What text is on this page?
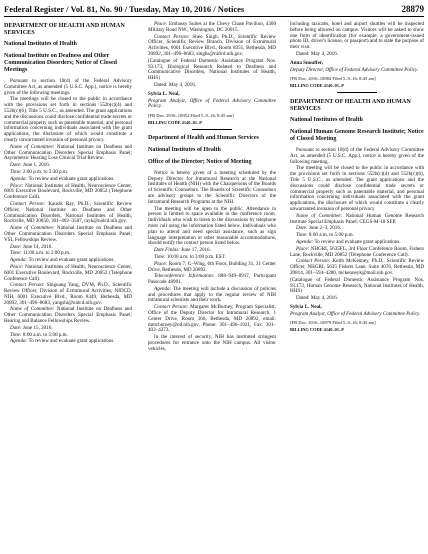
Federal Register / Vol. 81, No. 90 / Tuesday, May 10, 2016 / Notices	28879
DEPARTMENT OF HEALTH AND HUMAN SERVICES
National Institutes of Health
National Institute on Deafness and Other Communication Disorders; Notice of Closed Meetings

Pursuant to section 10(d) of the Federal Advisory Committee Act, as amended (5 U.S.C. App.), notice is hereby given of the following meetings.

The meetings will be closed to the public in accordance with the provisions set forth in sections 552b(c)(4) and 552b(c)(6), Title 5 U.S.C., as amended. The grant applications and the discussions could disclose confidential trade secrets or commercial property such as patentable material, and personal information concerning individuals associated with the grant applications, the disclosure of which would constitute a clearly unwarranted invasion of personal privacy.

Name of Committee: National Institute on Deafness and Other Communication Disorders Special Emphasis Panel; Asymmetric Hearing Loss Clinical Trial Review.

Date: June 1, 2016.

Time: 2:00 p.m. to 3:30 p.m.

Agenda: To review and evaluate grant applications.

Place: National Institutes of Health, Neuroscience Center, 6001 Executive Boulevard, Rockville, MD 20852 (Telephone Conference Call).

Contact Person: Kausik Ray, Ph.D., Scientific Review Officer, National Institute on Deafness and Other Communication Disorders, National Institutes of Health, Rockville, MD 20850, 301–402–3587, rayk@nidcd.nih.gov.

Name of Committee: National Institute on Deafness and Other Communication Disorders Special Emphasis Panel; VSL Fellowships Review.

Date: June 14, 2016.

Time: 11:00 a.m. to 2:00 p.m.

Agenda: To review and evaluate grant applications.

Place: National Institutes of Health, Neuroscience Center, 6001 Executive Boulevard, Rockville, MD 20852 (Telephone Conference Call).

Contact Person: Shiguang Yang, DVM, Ph.D., Scientific Review Officer, Division of Extramural Activities, NIDCD, NIH, 6001 Executive Blvd., Room 8349, Bethesda, MD 20892, 301–496–8683, yangshi@nidcd.nih.gov.

Name of Committee: National Institute on Deafness and Other Communication Disorders Special Emphasis Panel; Hearing and Balance Fellowships Review.

Date: June 15, 2016.

Time: 8:00 a.m. to 5:00 p.m.

Agenda: To review and evaluate grant applications.

Place: Embassy Suites at the Chevy Chase Pavilion, 4300 Military Road NW., Washington, DC 20015.

Contact Person: Sheo Singh, Ph.D., Scientific Review Officer, Scientific Review Branch, Division of Extramural Activities, 6001 Executive Blvd., Room 8351, Bethesda, MD 20892, 301–496–8683, singhs@nidcd.nih.gov.

(Catalogue of Federal Domestic Assistance Program Nos. 93.173, Biological Research Related to Deafness and Communicative Disorders, National Institutes of Health, HHS)

Dated: May 4, 2016.

Sylvia L. Neal,

Program Analyst, Office of Federal Advisory Committee Policy.

[FR Doc. 2016–10952 Filed 5–9–16; 8:45 am]

BILLING CODE 4140–01–P

Department of Health and Human Services
National Institutes of Health
Office of the Director; Notice of Meeting

Notice is hereby given of a meeting scheduled by the Deputy Director for Intramural Research at the National Institutes of Health (NIH) with the Chairpersons of the Boards of Scientific Counselors. The Boards of Scientific Counselors are advisory groups to the Scientific Directors of the Intramural Research Programs at the NIH.

The meeting will be open to the public. Attendance in person is limited to space available in the conference room. Individuals who wish to listen to the discussions by telephone must call using the information listed below. Individuals who plan to attend and need special assistance, such as sign language interpretation or other reasonable accommodations, should notify the contact person listed below.

Date Finlas: June 17, 2016.

Time: 10:00 a.m. to 3:00 p.m. EST.

Place: Room 7, C–Wing, 6th Floor, Building 31, 31 Center Drive, Bethesda, MD 20892.

Teleconference Information: 888–949–8917, Participant Passcode 48901.

Agenda: The meeting will include a discussion of policies and procedures that apply to the regular review of NIH intramural scientists and their work.

Contact Person: Margaret McBurney, Program Specialist, Office of the Deputy Director for Intramural Research, 1 Center Drive, Room 160, Bethesda, MD 20892, email: mmcburney@od.nih.gov, Phone: 301–496–1921, Fax: 301–402–4273.

In the interest of security, NIH has instituted stringent procedures for entrance onto the NIH campus. All visitor vehicles,

including taxicabs, hotel and airport shuttles will be inspected before being allowed on campus. Visitors will be asked to show one form of identification (for example, a government-issued photo ID, driver's license, or passport) and to state the purpose of their visit.

Dated: May 4, 2016.

Anna Snouffer,

Deputy Director, Office of Federal Advisory Committee Policy.

[FR Doc. 2016–10884 Filed 5–9–16; 8:45 am]

BILLING CODE 4140–01–P

DEPARTMENT OF HEALTH AND HUMAN SERVICES
National Institutes of Health
National Human Genome Research Institute; Notice of Closed Meeting

Pursuant to section 10(d) of the Federal Advisory Committee Act, as amended (5 U.S.C. App.), notice is hereby given of the following meeting.

The meeting will be closed to the public in accordance with the provisions set forth in sections 552b(c)(4) and 552b(c)(6), Title 5 U.S.C., as amended. The grant applications and the discussions could disclose confidential trade secrets or commercial property such as patentable material, and personal information concerning individuals associated with the grant applications, the disclosure of which would constitute a clearly unwarranted invasion of personal privacy.

Name of Committee: National Human Genome Research Institute Special Emphasis Panel; CEGS-M-18 SEP.

Date: June 2–3, 2016.

Time: 8:00 a.m. to 5:00 p.m.

Agenda: To review and evaluate grant applications.

Place: NHGRI, 5635FL, 3rd Floor Conference Room, Fishers Lane, Rockville, MD 20852 (Telephone Conference Call).

Contact Person: Keith McKenney, Ph.D., Scientific Review Officer, NHGRI, 5635 Fishers Lane, Suite 4076, Bethesda, MD 20814, 301–594–4280, mckenneyk@mail.nih.gov.

(Catalogue of Federal Domestic Assistance Program Nos. 93.172, Human Genome Research, National Institutes of Health, HHS)

Dated: May 4, 2016.

Sylvia L. Neal,

Program Analyst, Office of Federal Advisory Committee Policy.

[FR Doc. 2016–10879 Filed 5–9–16; 8:45 am]

BILLING CODE 4140–01–P
